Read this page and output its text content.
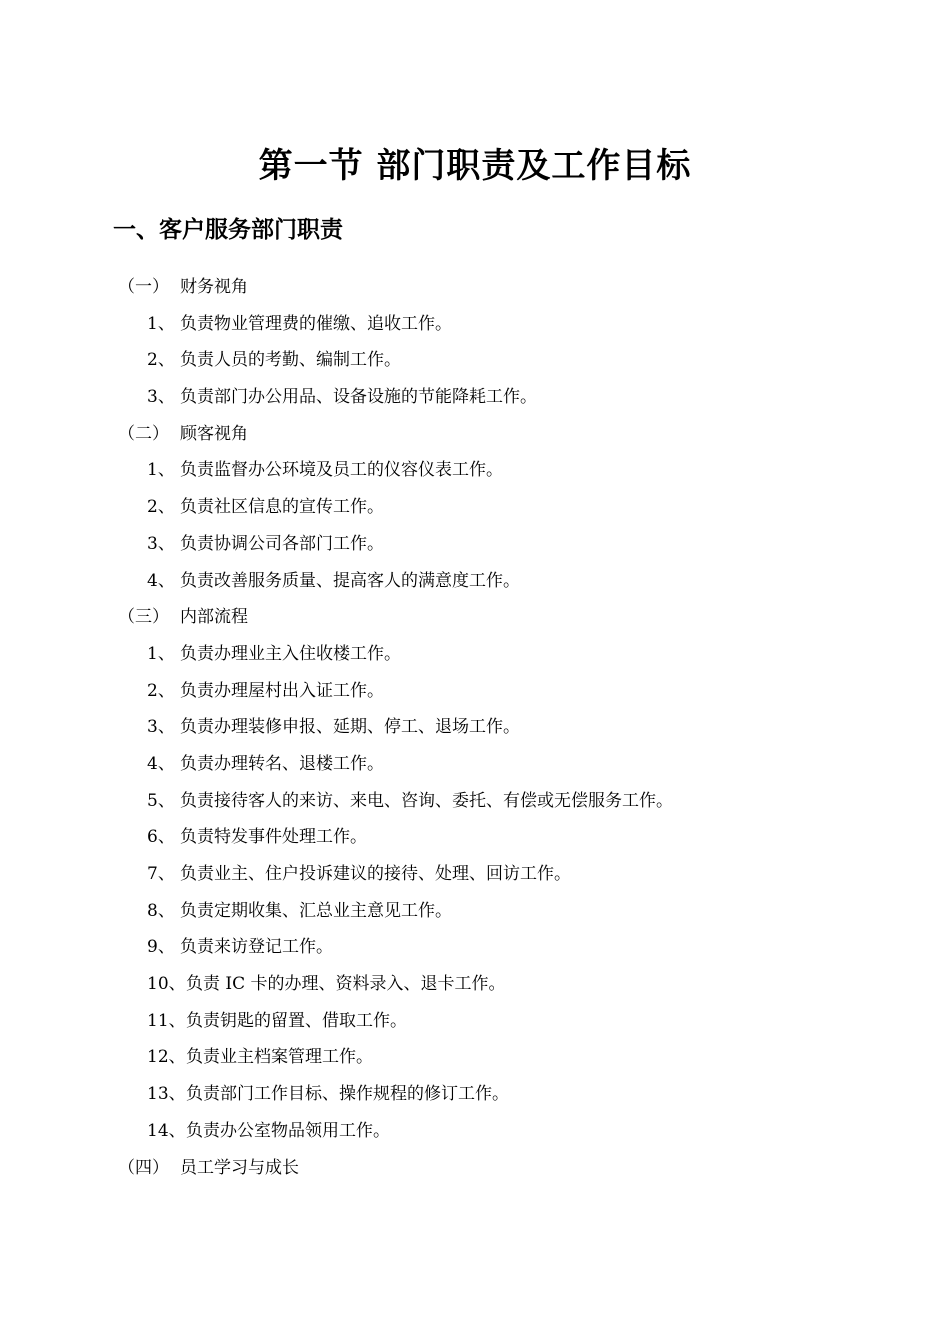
第一节 部门职责及工作目标
一、客户服务部门职责
（一） 财务视角
1、 负责物业管理费的催缴、追收工作。
2、 负责人员的考勤、编制工作。
3、 负责部门办公用品、设备设施的节能降耗工作。
（二） 顾客视角
1、 负责监督办公环境及员工的仪容仪表工作。
2、 负责社区信息的宣传工作。
3、 负责协调公司各部门工作。
4、 负责改善服务质量、提高客人的满意度工作。
（三） 内部流程
1、 负责办理业主入住收楼工作。
2、 负责办理屋村出入证工作。
3、 负责办理装修申报、延期、停工、退场工作。
4、 负责办理转名、退楼工作。
5、 负责接待客人的来访、来电、咨询、委托、有偿或无偿服务工作。
6、 负责特发事件处理工作。
7、 负责业主、住户投诉建议的接待、处理、回访工作。
8、 负责定期收集、汇总业主意见工作。
9、 负责来访登记工作。
10、负责 IC 卡的办理、资料录入、退卡工作。
11、负责钥匙的留置、借取工作。
12、负责业主档案管理工作。
13、负责部门工作目标、操作规程的修订工作。
14、负责办公室物品领用工作。
（四） 员工学习与成长
